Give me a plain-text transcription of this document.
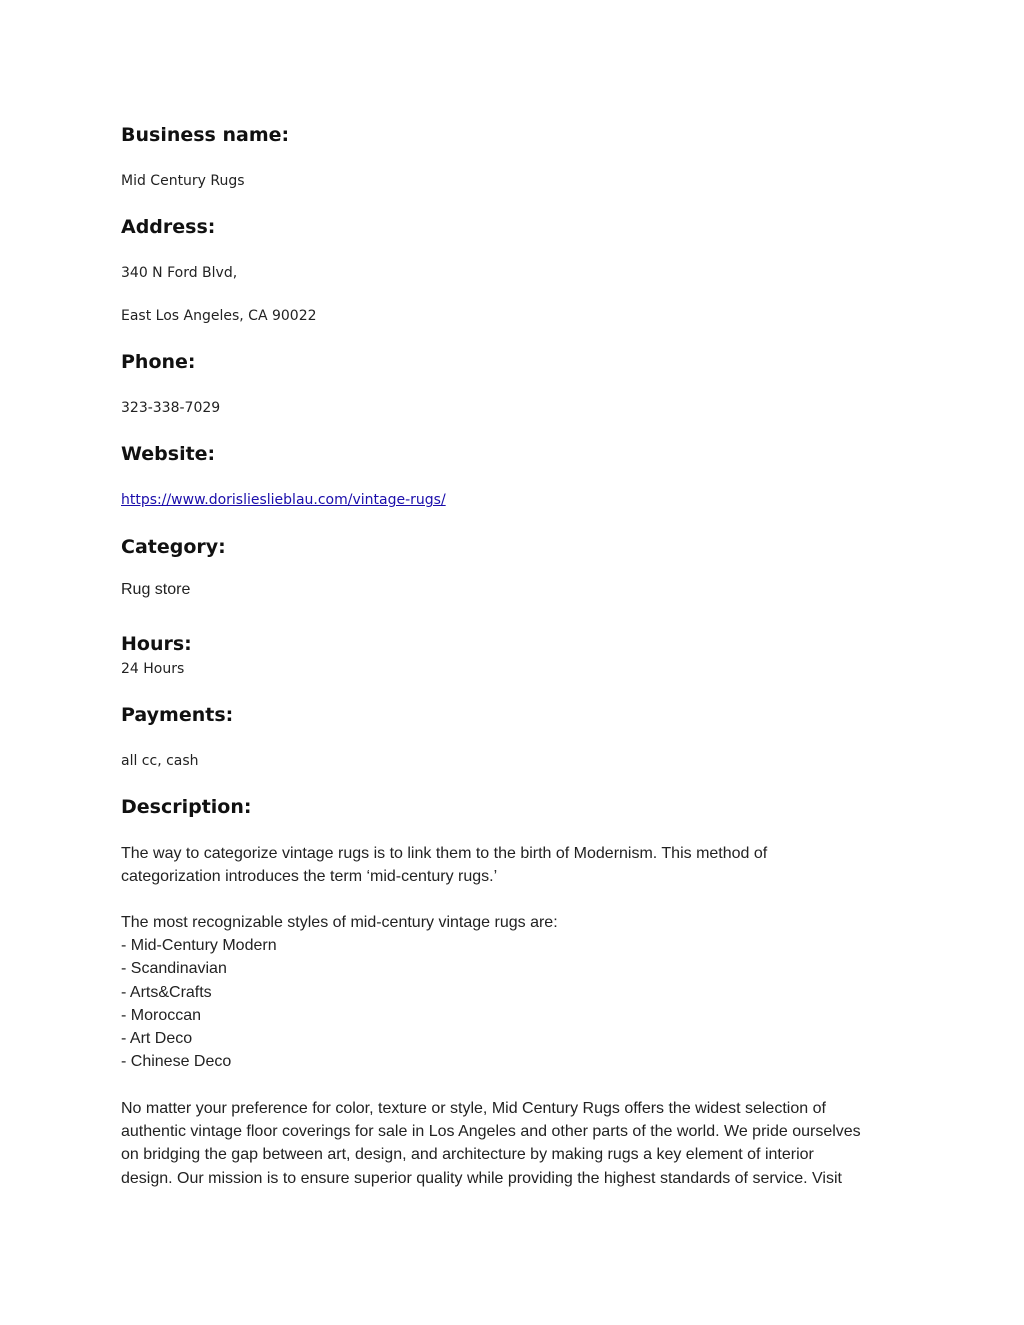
Business name:

Mid Century Rugs

Address:

340 N Ford Blvd,

East Los Angeles, CA 90022

Phone:

323-338-7029

Website:

https://www.dorislieslieblau.com/vintage-rugs/

Category:

Rug store

Hours:

24 Hours

Payments:

all cc, cash

Description:
The way to categorize vintage rugs is to link them to the birth of Modernism. This method of
categorization introduces the term ‘mid-century rugs.’
The most recognizable styles of mid-century vintage rugs are:
- Mid-Century Modern
- Scandinavian
- Arts&Crafts
- Moroccan
- Art Deco
- Chinese Deco
No matter your preference for color, texture or style, Mid Century Rugs offers the widest selection of
authentic vintage floor coverings for sale in Los Angeles and other parts of the world. We pride ourselves
on bridging the gap between art, design, and architecture by making rugs a key element of interior
design. Our mission is to ensure superior quality while providing the highest standards of service. Visit
